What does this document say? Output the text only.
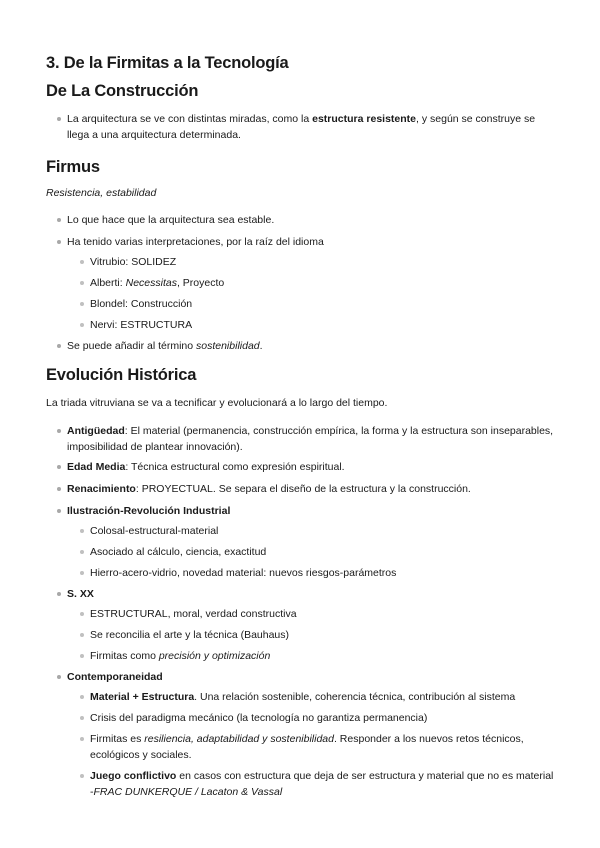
3. De la Firmitas a la Tecnología
De La Construcción
La arquitectura se ve con distintas miradas, como la estructura resistente, y según se construye se llega a una arquitectura determinada.
Firmus

Resistencia, estabilidad

Lo que hace que la arquitectura sea estable.
Ha tenido varias interpretaciones, por la raíz del idioma
Vitrubio: SOLIDEZ
Alberti: Necessitas, Proyecto
Blondel: Construcción
Nervi: ESTRUCTURA
Se puede añadir al término sostenibilidad.
Evolución Histórica

La triada vitruviana se va a tecnificar y evolucionará a lo largo del tiempo.

Antigüedad: El material (permanencia, construcción empírica, la forma y la estructura son inseparables, imposibilidad de plantear innovación).
Edad Media: Técnica estructural como expresión espiritual.
Renacimiento: PROYECTUAL. Se separa el diseño de la estructura y la construcción.
Ilustración-Revolución Industrial
Colosal-estructural-material
Asociado al cálculo, ciencia, exactitud
Hierro-acero-vidrio, novedad material: nuevos riesgos-parámetros
S. XX
ESTRUCTURAL, moral, verdad constructiva
Se reconcilia el arte y la técnica (Bauhaus)
Firmitas como precisión y optimización
Contemporaneidad
Material + Estructura. Una relación sostenible, coherencia técnica, contribución al sistema
Crisis del paradigma mecánico (la tecnología no garantiza permanencia)
Firmitas es resiliencia, adaptabilidad y sostenibilidad. Responder a los nuevos retos técnicos, ecológicos y sociales.
Juego conflictivo en casos con estructura que deja de ser estructura y material que no es material -FRAC DUNKERQUE / Lacaton & Vassal
